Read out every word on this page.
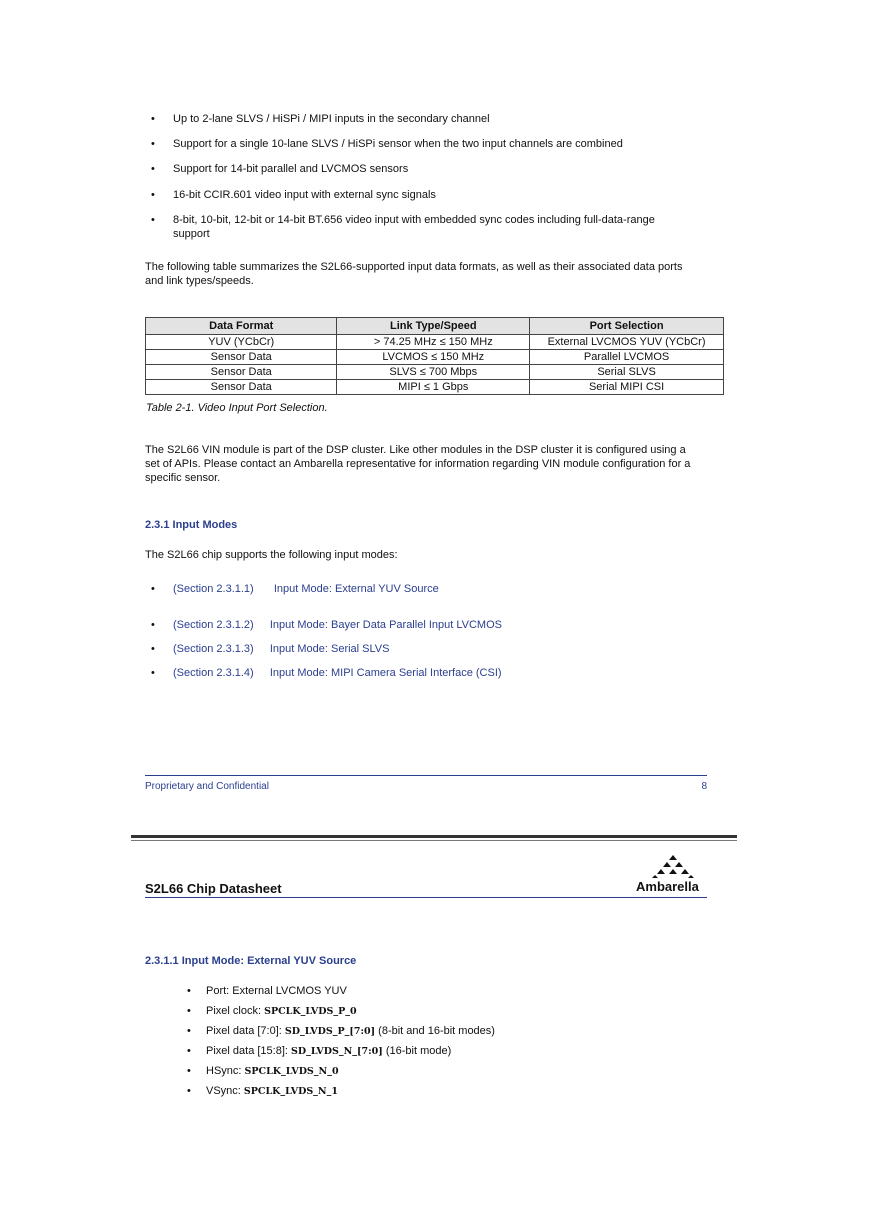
• Up to 2-lane SLVS / HiSPi / MIPI inputs in the secondary channel
• Support for a single 10-lane SLVS / HiSPi sensor when the two input channels are combined
• Support for 14-bit parallel and LVCMOS sensors
• 16-bit CCIR.601 video input with external sync signals
• 8-bit, 10-bit, 12-bit or 14-bit BT.656 video input with embedded sync codes including full-data-range
support
The following table summarizes the S2L66-supported input data formats, as well as their associated data ports
and link types/speeds.
Data Format	Link Type/Speed	Port Selection
YUV (YCbCr)	> 74.25 MHz ≤ 150 MHz	External LVCMOS YUV (YCbCr)
Sensor Data	LVCMOS ≤ 150 MHz	Parallel LVCMOS
Sensor Data	SLVS ≤ 700 Mbps	Serial SLVS
Sensor Data	MIPI ≤ 1 Gbps	Serial MIPI CSI
Table 2-1. Video Input Port Selection.
The S2L66 VIN module is part of the DSP cluster. Like other modules in the DSP cluster it is configured using a
set of APIs. Please contact an Ambarella representative for information regarding VIN module configuration for a
specific sensor.
2.3.1 Input Modes
The S2L66 chip supports the following input modes:
• (Section 2.3.1.1) Input Mode: External YUV Source
• (Section 2.3.1.2) Input Mode: Bayer Data Parallel Input LVCMOS
• (Section 2.3.1.3) Input Mode: Serial SLVS
• (Section 2.3.1.4) Input Mode: MIPI Camera Serial Interface (CSI)
Proprietary and Confidential	8
S2L66 Chip Datasheet	Ambarella
2.3.1.1 Input Mode: External YUV Source
• Port: External LVCMOS YUV
• Pixel clock: SPCLK_LVDS_P_0
• Pixel data [7:0]: SD_LVDS_P_[7:0] (8-bit and 16-bit modes)
• Pixel data [15:8]: SD_LVDS_N_[7:0] (16-bit mode)
• HSync: SPCLK_LVDS_N_0
• VSync: SPCLK_LVDS_N_1
